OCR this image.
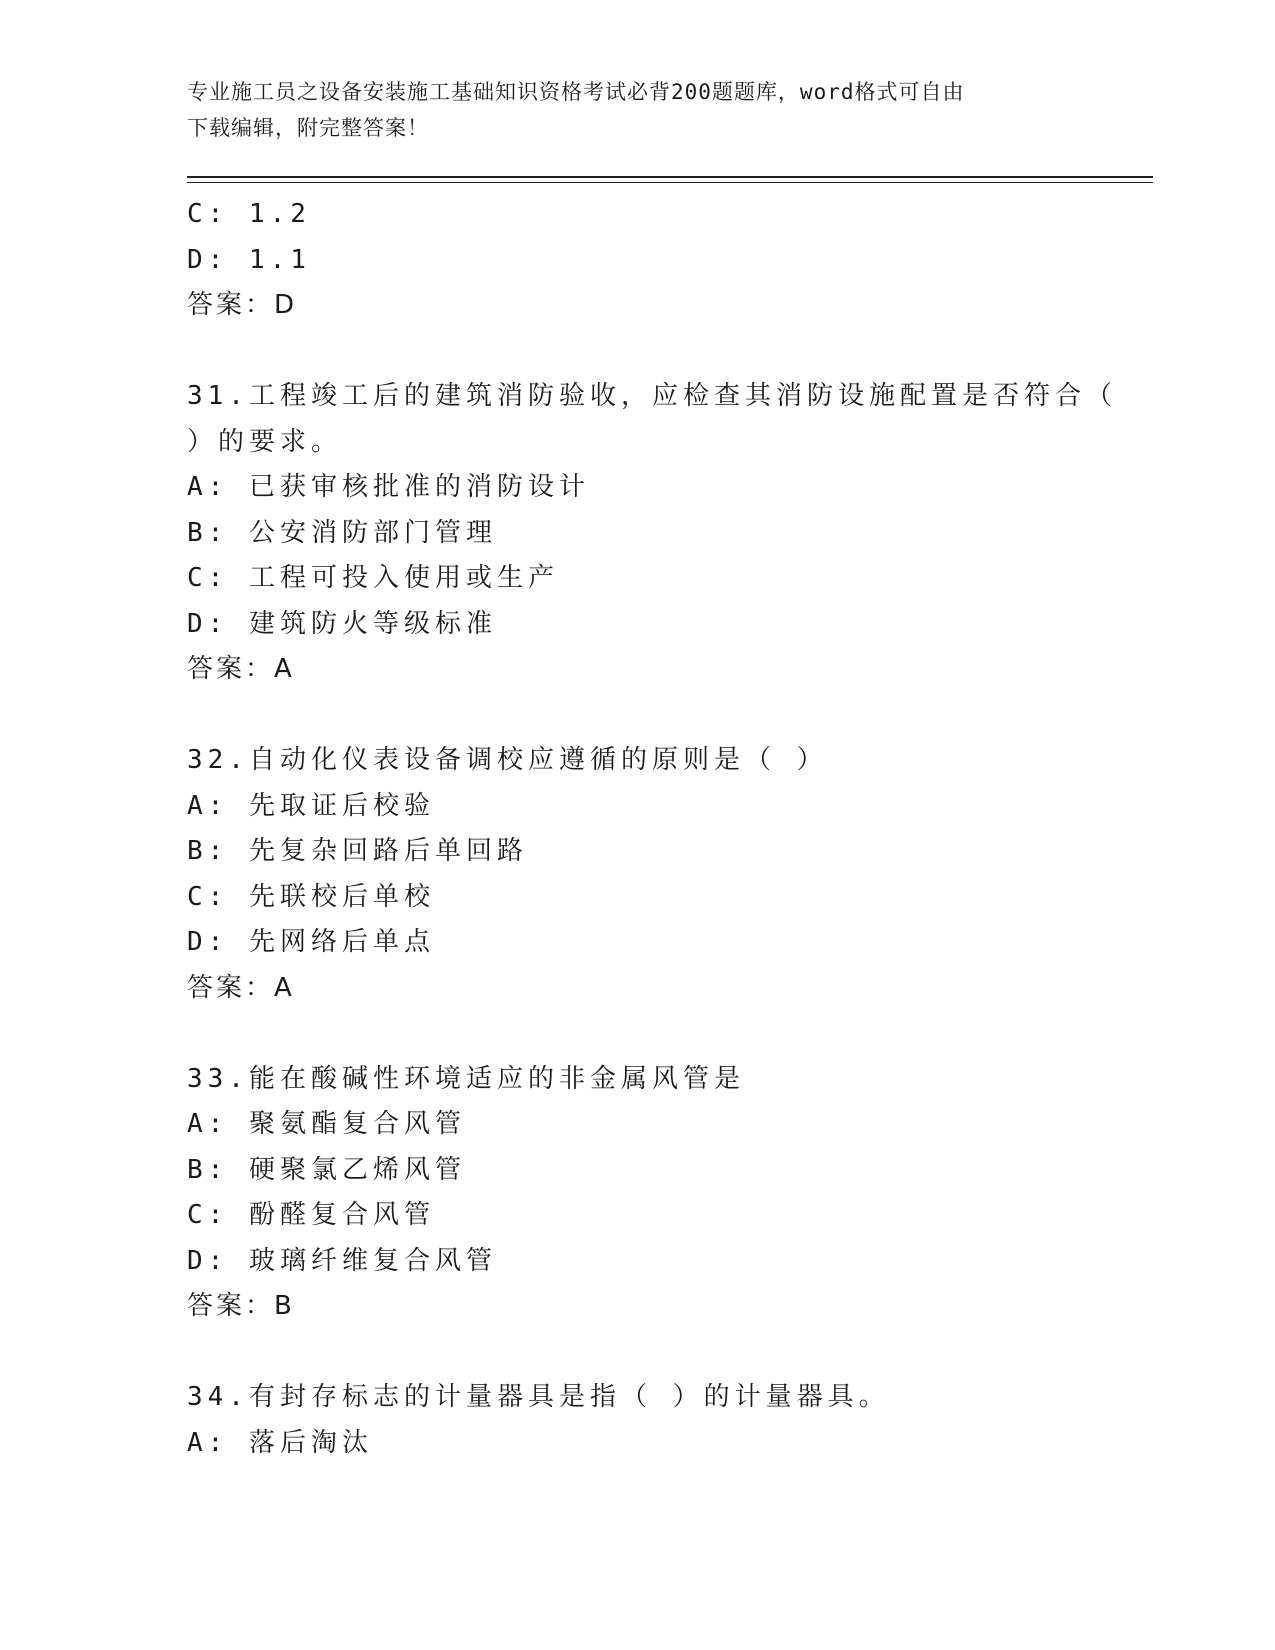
专业施工员之设备安装施工基础知识资格考试必背200题题库，word格式可自由
下载编辑，附完整答案！
C: 1.2
D: 1.1
答案：D
31.工程竣工后的建筑消防验收，应检查其消防设施配置是否符合（
）的要求。
A: 已获审核批准的消防设计
B: 公安消防部门管理
C: 工程可投入使用或生产
D: 建筑防火等级标准
答案：A
32.自动化仪表设备调校应遵循的原则是（ ）
A: 先取证后校验
B: 先复杂回路后单回路
C: 先联校后单校
D: 先网络后单点
答案：A
33.能在酸碱性环境适应的非金属风管是
A: 聚氨酯复合风管
B: 硬聚氯乙烯风管
C: 酚醛复合风管
D: 玻璃纤维复合风管
答案：B
34.有封存标志的计量器具是指（ ）的计量器具。
A: 落后淘汰
